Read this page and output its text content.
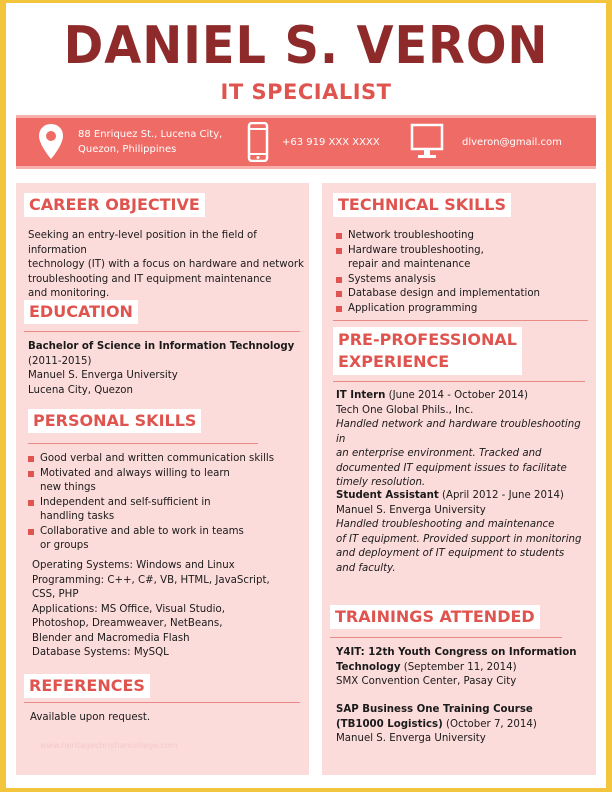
DANIEL S. VERON
IT SPECIALIST
88 Enriquez St., Lucena City,
Quezon, Philippines
+63 919 XXX XXXX	dlveron@gmail.com
CAREER OBJECTIVE
Seeking an entry-level position in the field of information
technology (IT) with a focus on hardware and network
troubleshooting and IT equipment maintenance
and monitoring.
EDUCATION
Bachelor of Science in Information Technology
(2011-2015)
Manuel S. Enverga University
Lucena City, Quezon
PERSONAL SKILLS
Good verbal and written communication skills
Motivated and always willing to learn
new things
Independent and self-sufficient in
handling tasks
Collaborative and able to work in teams
or groups
Operating Systems: Windows and Linux
Programming: C++, C#, VB, HTML, JavaScript,
CSS, PHP
Applications: MS Office, Visual Studio,
Photoshop, Dreamweaver, NetBeans,
Blender and Macromedia Flash
Database Systems: MySQL
REFERENCES
Available upon request.
www.heritagechristiancollege.com
TECHNICAL SKILLS
Network troubleshooting
Hardware troubleshooting,
repair and maintenance
Systems analysis
Database design and implementation
Application programming
PRE-PROFESSIONAL
EXPERIENCE
IT Intern (June 2014 - October 2014)
Tech One Global Phils., Inc.
Handled network and hardware troubleshooting in
an enterprise environment. Tracked and
documented IT equipment issues to facilitate
timely resolution.
Student Assistant (April 2012 - June 2014)
Manuel S. Enverga University
Handled troubleshooting and maintenance
of IT equipment. Provided support in monitoring
and deployment of IT equipment to students
and faculty.
TRAININGS ATTENDED
Y4IT: 12th Youth Congress on Information
Technology (September 11, 2014)
SMX Convention Center, Pasay City
SAP Business One Training Course
(TB1000 Logistics) (October 7, 2014)
Manuel S. Enverga University
